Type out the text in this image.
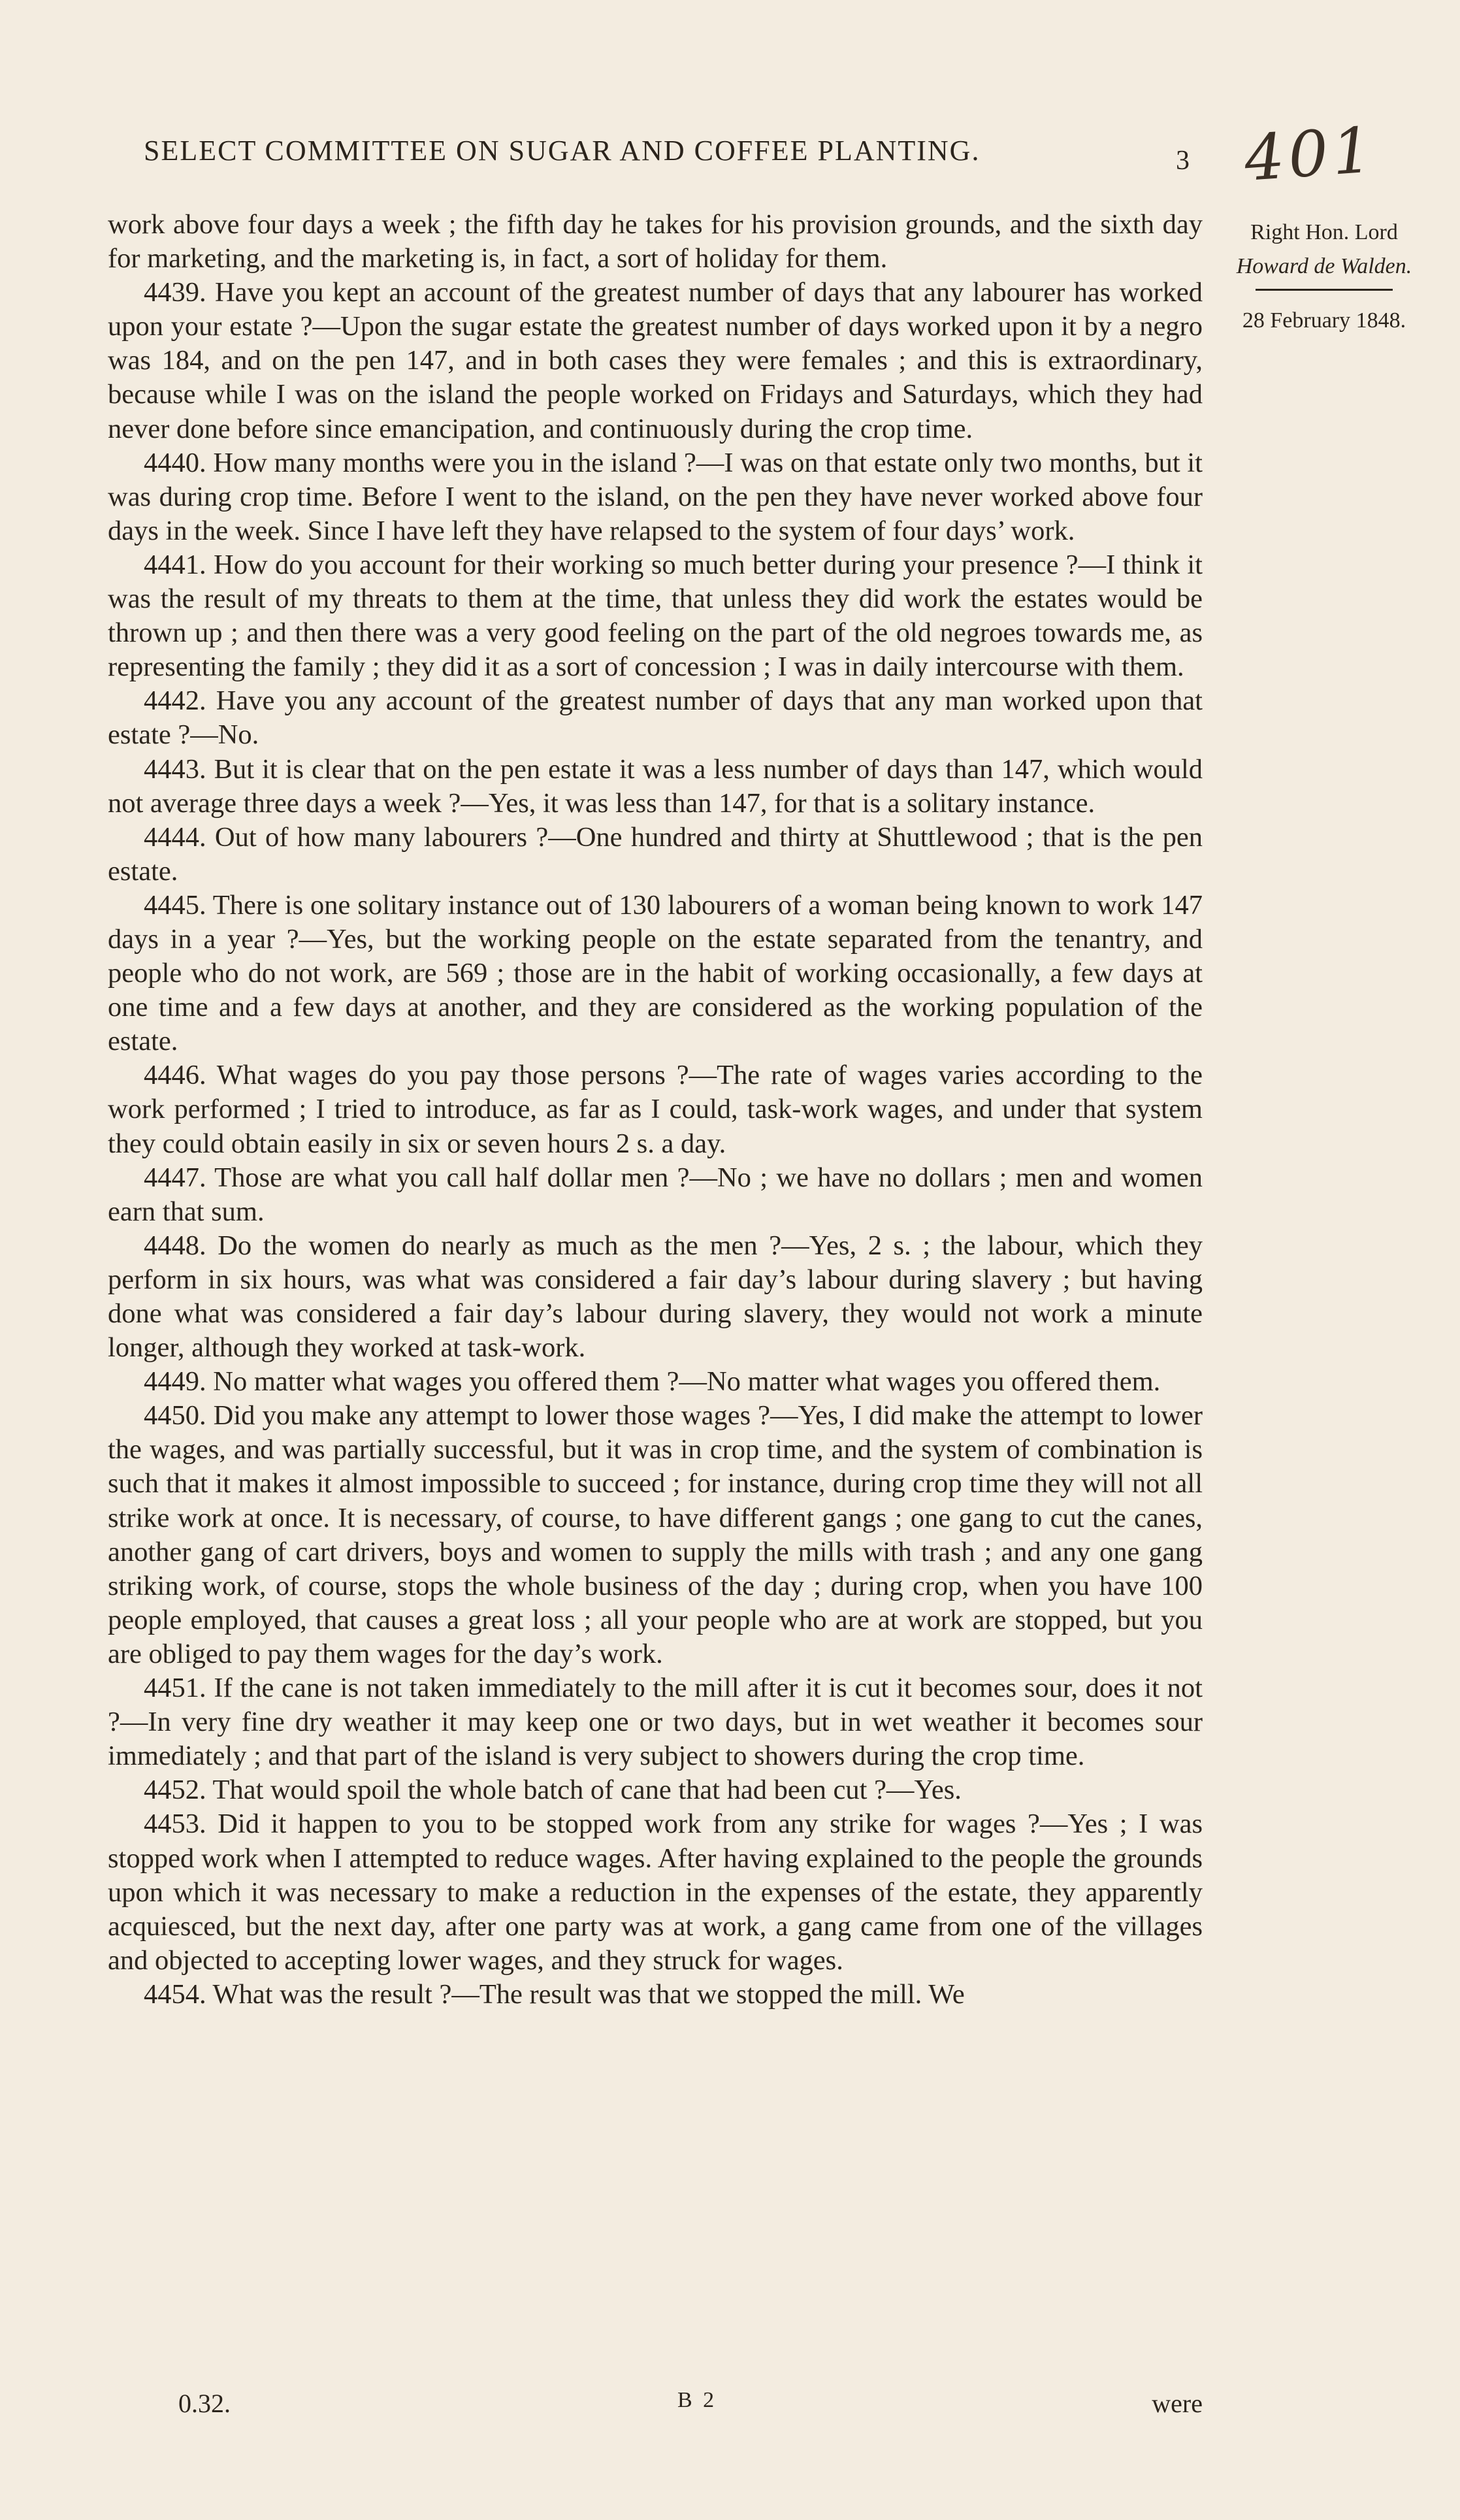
SELECT COMMITTEE ON SUGAR AND COFFEE PLANTING.	3 401
Right Hon. Lord
Howard de Walden.
28 February 1848.

work above four days a week ; the fifth day he takes for his provision grounds, and the sixth day for marketing, and the marketing is, in fact, a sort of holiday for them.

4439. Have you kept an account of the greatest number of days that any labourer has worked upon your estate ?—Upon the sugar estate the greatest number of days worked upon it by a negro was 184, and on the pen 147, and in both cases they were females ; and this is extraordinary, because while I was on the island the people worked on Fridays and Saturdays, which they had never done before since emancipation, and continuously during the crop time.

4440. How many months were you in the island ?—I was on that estate only two months, but it was during crop time. Before I went to the island, on the pen they have never worked above four days in the week. Since I have left they have relapsed to the system of four days’ work.

4441. How do you account for their working so much better during your presence ?—I think it was the result of my threats to them at the time, that unless they did work the estates would be thrown up ; and then there was a very good feeling on the part of the old negroes towards me, as representing the family ; they did it as a sort of concession ; I was in daily intercourse with them.

4442. Have you any account of the greatest number of days that any man worked upon that estate ?—No.

4443. But it is clear that on the pen estate it was a less number of days than 147, which would not average three days a week ?—Yes, it was less than 147, for that is a solitary instance.

4444. Out of how many labourers ?—One hundred and thirty at Shuttlewood ; that is the pen estate.

4445. There is one solitary instance out of 130 labourers of a woman being known to work 147 days in a year ?—Yes, but the working people on the estate separated from the tenantry, and people who do not work, are 569 ; those are in the habit of working occasionally, a few days at one time and a few days at another, and they are considered as the working population of the estate.

4446. What wages do you pay those persons ?—The rate of wages varies according to the work performed ; I tried to introduce, as far as I could, task-work wages, and under that system they could obtain easily in six or seven hours 2 s. a day.

4447. Those are what you call half dollar men ?—No ; we have no dollars ; men and women earn that sum.

4448. Do the women do nearly as much as the men ?—Yes, 2 s. ; the labour, which they perform in six hours, was what was considered a fair day’s labour during slavery ; but having done what was considered a fair day’s labour during slavery, they would not work a minute longer, although they worked at task-work.

4449. No matter what wages you offered them ?—No matter what wages you offered them.

4450. Did you make any attempt to lower those wages ?—Yes, I did make the attempt to lower the wages, and was partially successful, but it was in crop time, and the system of combination is such that it makes it almost impossible to succeed ; for instance, during crop time they will not all strike work at once. It is necessary, of course, to have different gangs ; one gang to cut the canes, another gang of cart drivers, boys and women to supply the mills with trash ; and any one gang striking work, of course, stops the whole business of the day ; during crop, when you have 100 people employed, that causes a great loss ; all your people who are at work are stopped, but you are obliged to pay them wages for the day’s work.

4451. If the cane is not taken immediately to the mill after it is cut it becomes sour, does it not ?—In very fine dry weather it may keep one or two days, but in wet weather it becomes sour immediately ; and that part of the island is very subject to showers during the crop time.

4452. That would spoil the whole batch of cane that had been cut ?—Yes.

4453. Did it happen to you to be stopped work from any strike for wages ?—Yes ; I was stopped work when I attempted to reduce wages. After having explained to the people the grounds upon which it was necessary to make a reduction in the expenses of the estate, they apparently acquiesced, but the next day, after one party was at work, a gang came from one of the villages and objected to accepting lower wages, and they struck for wages.

4454. What was the result ?—The result was that we stopped the mill. We

0.32.	B 2	were
